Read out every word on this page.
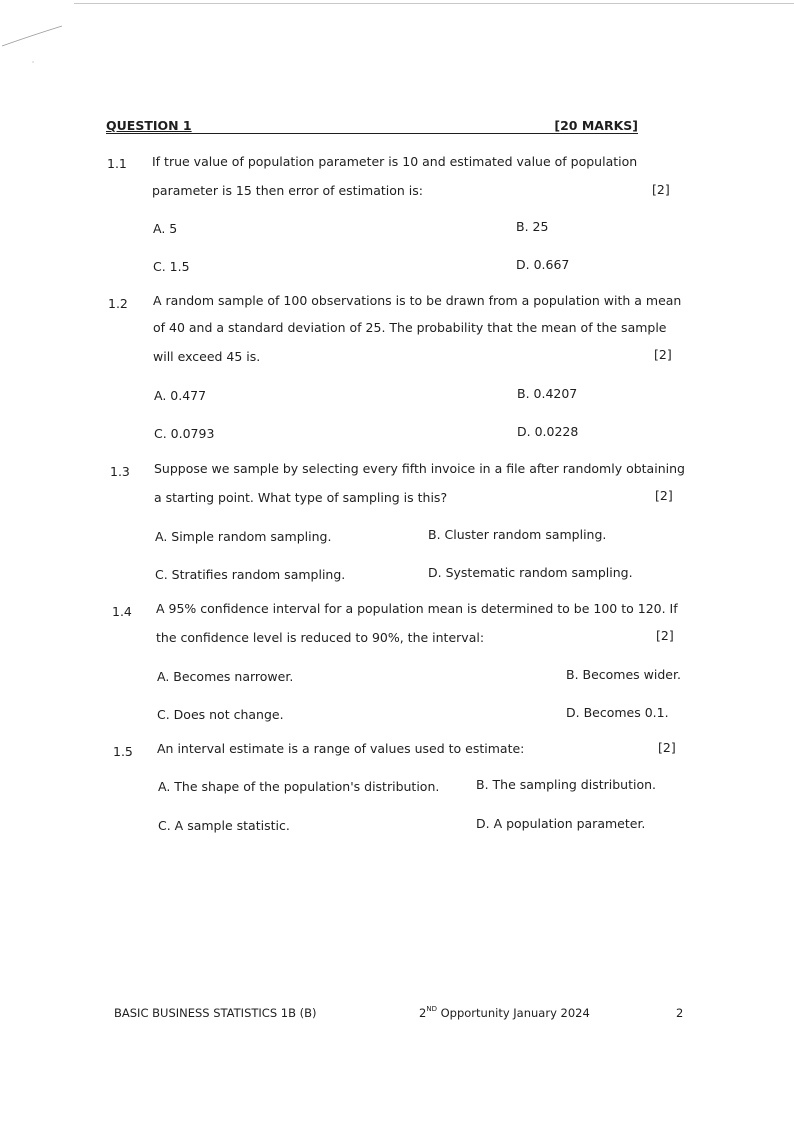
QUESTION 1	[20 MARKS]
1.1 If true value of population parameter is 10 and estimated value of population
parameter is 15 then error of estimation is:	[2]
A. 5	B. 25
C. 1.5	D. 0.667
1.2 A random sample of 100 observations is to be drawn from a population with a mean
of 40 and a standard deviation of 25. The probability that the mean of the sample
will exceed 45 is.	[2]
A. 0.477	B. 0.4207
C. 0.0793	D. 0.0228
1.3 Suppose we sample by selecting every fifth invoice in a file after randomly obtaining
a starting point. What type of sampling is this?	[2]
A. Simple random sampling.	B. Cluster random sampling.
C. Stratifies random sampling.	D. Systematic random sampling.
1.4 A 95% confidence interval for a population mean is determined to be 100 to 120. If
the confidence level is reduced to 90%, the interval:	[2]
A. Becomes narrower.	B. Becomes wider.
C. Does not change.	D. Becomes 0.1.
1.5 An interval estimate is a range of values used to estimate:	[2]
A. The shape of the population's distribution.	B. The sampling distribution.
C. A sample statistic.	D. A population parameter.
BASIC BUSINESS STATISTICS 1B (B)	2ND Opportunity January 2024	2
